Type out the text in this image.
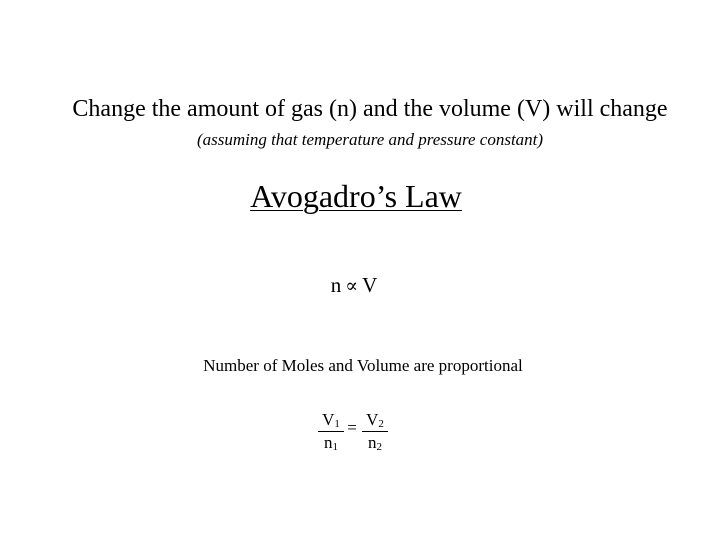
Change the amount of gas (n) and the volume (V) will change
(assuming that temperature and pressure constant)
Avogadro’s Law
n ∝ V
Number of Moles and Volume are proportional
$V_1$
$n_1$
= $V_2$
$n_2$
